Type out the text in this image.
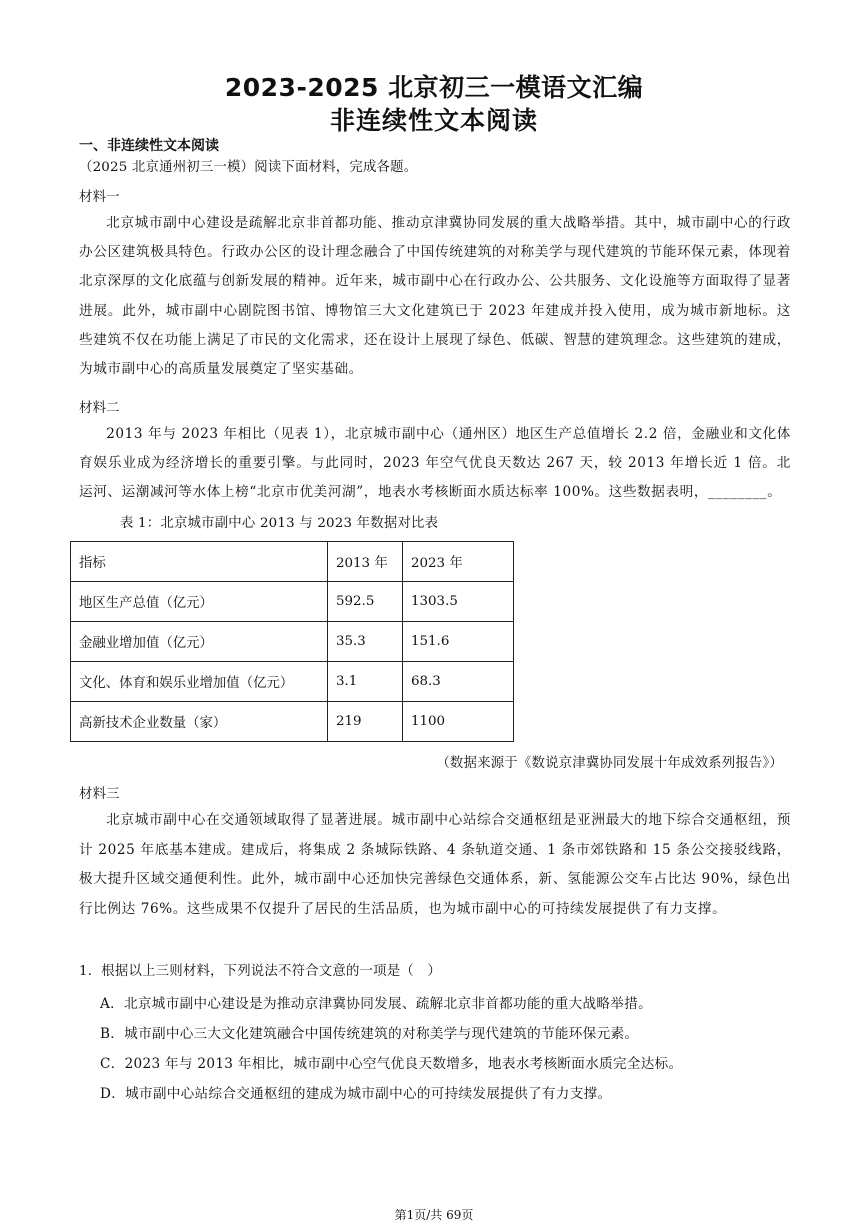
2023-2025 北京初三一模语文汇编
非连续性文本阅读
一、非连续性文本阅读
（2025 北京通州初三一模）阅读下面材料，完成各题。
材料一
北京城市副中心建设是疏解北京非首都功能、推动京津冀协同发展的重大战略举措。其中，城市副中心的行政办公区建筑极具特色。行政办公区的设计理念融合了中国传统建筑的对称美学与现代建筑的节能环保元素，体现着北京深厚的文化底蕴与创新发展的精神。近年来，城市副中心在行政办公、公共服务、文化设施等方面取得了显著进展。此外，城市副中心剧院图书馆、博物馆三大文化建筑已于 2023 年建成并投入使用，成为城市新地标。这些建筑不仅在功能上满足了市民的文化需求，还在设计上展现了绿色、低碳、智慧的建筑理念。这些建筑的建成，为城市副中心的高质量发展奠定了坚实基础。
材料二
2013 年与 2023 年相比（见表 1），北京城市副中心（通州区）地区生产总值增长 2.2 倍，金融业和文化体育娱乐业成为经济增长的重要引擎。与此同时，2023 年空气优良天数达 267 天，较 2013 年增长近 1 倍。北运河、运潮减河等水体上榜“北京市优美河湖”，地表水考核断面水质达标率 100%。这些数据表明，________。
表 1：北京城市副中心 2013 与 2023 年数据对比表
指标	2013 年	2023 年
地区生产总值（亿元）	592.5	1303.5
金融业增加值（亿元）	35.3	151.6
文化、体育和娱乐业增加值（亿元）	3.1	68.3
高新技术企业数量（家）	219	1100
（数据来源于《数说京津冀协同发展十年成效系列报告》）
材料三
北京城市副中心在交通领域取得了显著进展。城市副中心站综合交通枢纽是亚洲最大的地下综合交通枢纽，预计 2025 年底基本建成。建成后，将集成 2 条城际铁路、4 条轨道交通、1 条市郊铁路和 15 条公交接驳线路，极大提升区域交通便利性。此外，城市副中心还加快完善绿色交通体系，新、氢能源公交车占比达 90%，绿色出行比例达 76%。这些成果不仅提升了居民的生活品质，也为城市副中心的可持续发展提供了有力支撑。
1．根据以上三则材料，下列说法不符合文意的一项是（　）
A．北京城市副中心建设是为推动京津冀协同发展、疏解北京非首都功能的重大战略举措。
B．城市副中心三大文化建筑融合中国传统建筑的对称美学与现代建筑的节能环保元素。
C．2023 年与 2013 年相比，城市副中心空气优良天数增多，地表水考核断面水质完全达标。
D．城市副中心站综合交通枢纽的建成为城市副中心的可持续发展提供了有力支撑。
第1页/共 69页
